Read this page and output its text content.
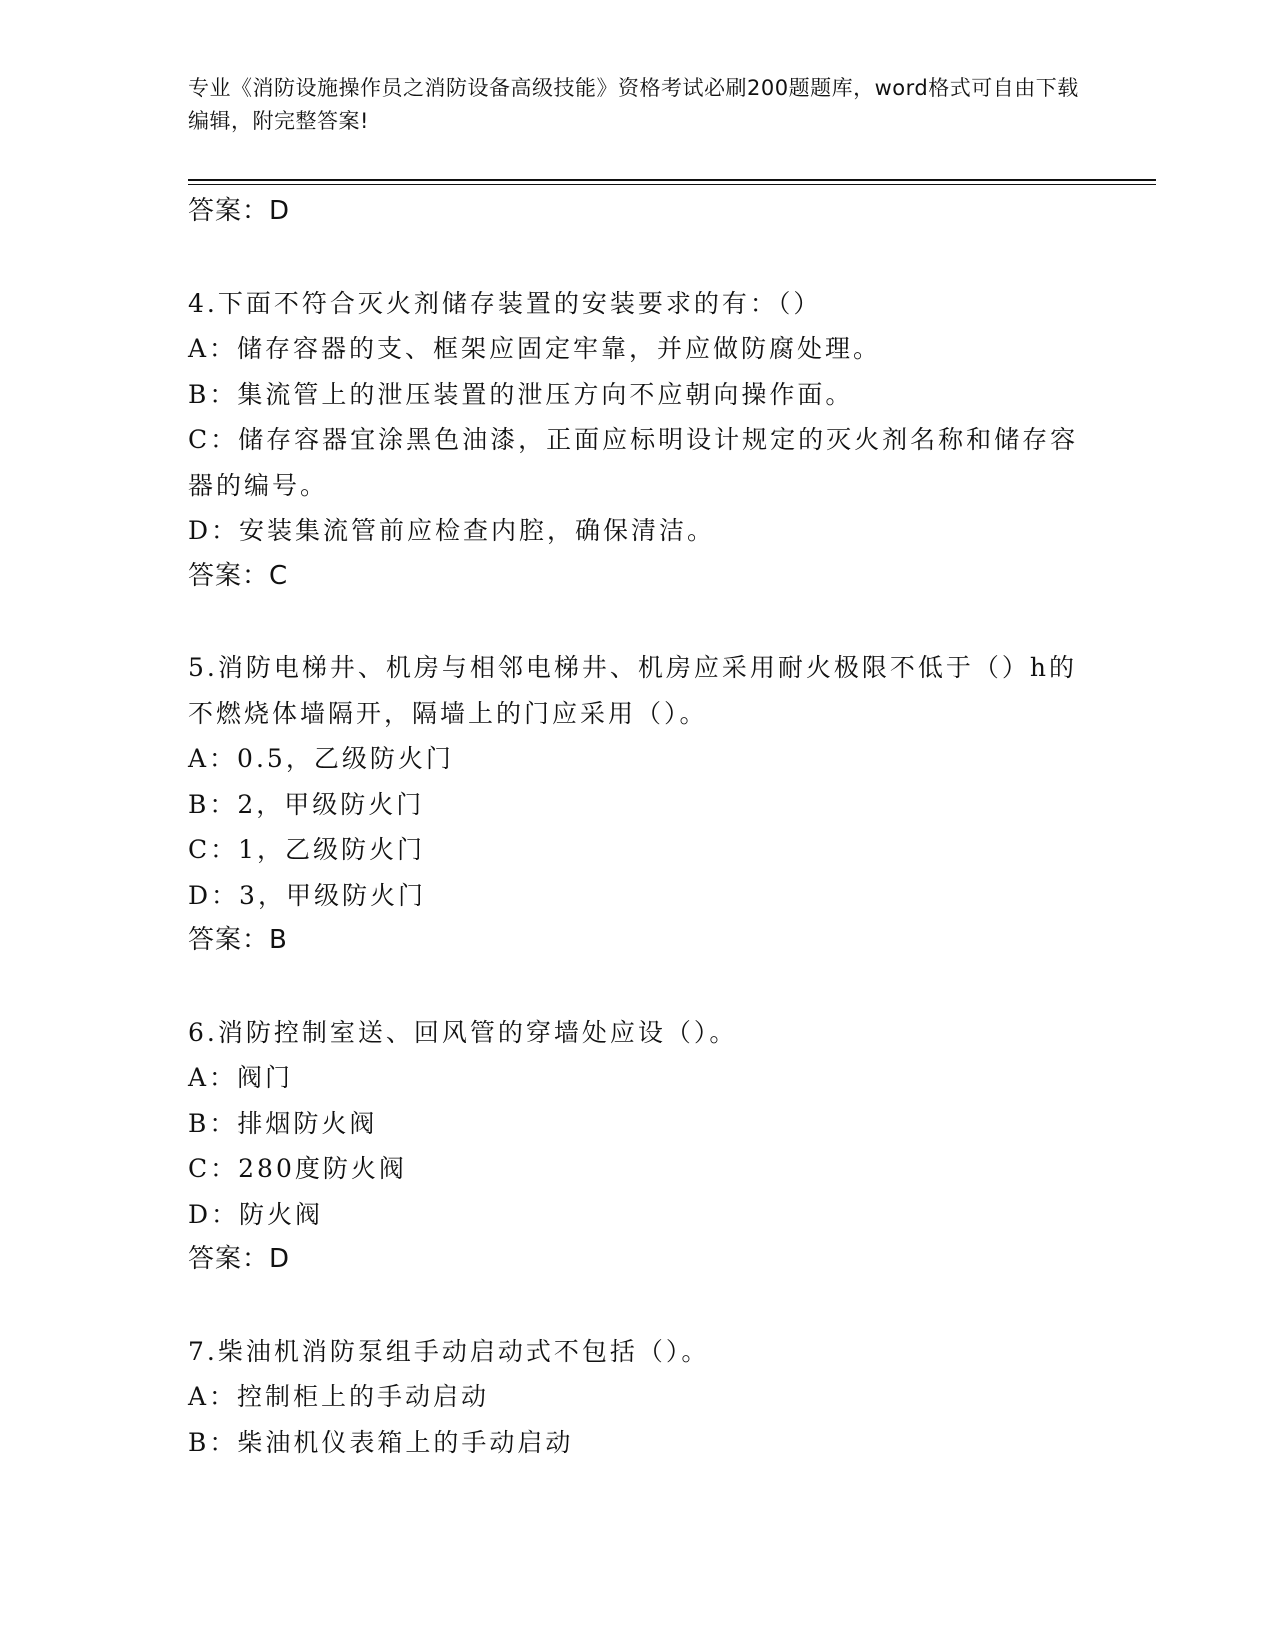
专业《消防设施操作员之消防设备高级技能》资格考试必刷200题题库，word格式可自由下载编辑，附完整答案!
答案：D
4.下面不符合灭火剂储存装置的安装要求的有：（）
A：储存容器的支、框架应固定牢靠，并应做防腐处理。
B：集流管上的泄压装置的泄压方向不应朝向操作面。
C：储存容器宜涂黑色油漆，正面应标明设计规定的灭火剂名称和储存容器的编号。
D：安装集流管前应检查内腔，确保清洁。
答案：C
5.消防电梯井、机房与相邻电梯井、机房应采用耐火极限不低于（）h的不燃烧体墙隔开，隔墙上的门应采用（）。
A：0.5，乙级防火门
B：2，甲级防火门
C：1，乙级防火门
D：3，甲级防火门
答案：B
6.消防控制室送、回风管的穿墙处应设（）。
A：阀门
B：排烟防火阀
C：280度防火阀
D：防火阀
答案：D
7.柴油机消防泵组手动启动式不包括（）。
A：控制柜上的手动启动
B：柴油机仪表箱上的手动启动
